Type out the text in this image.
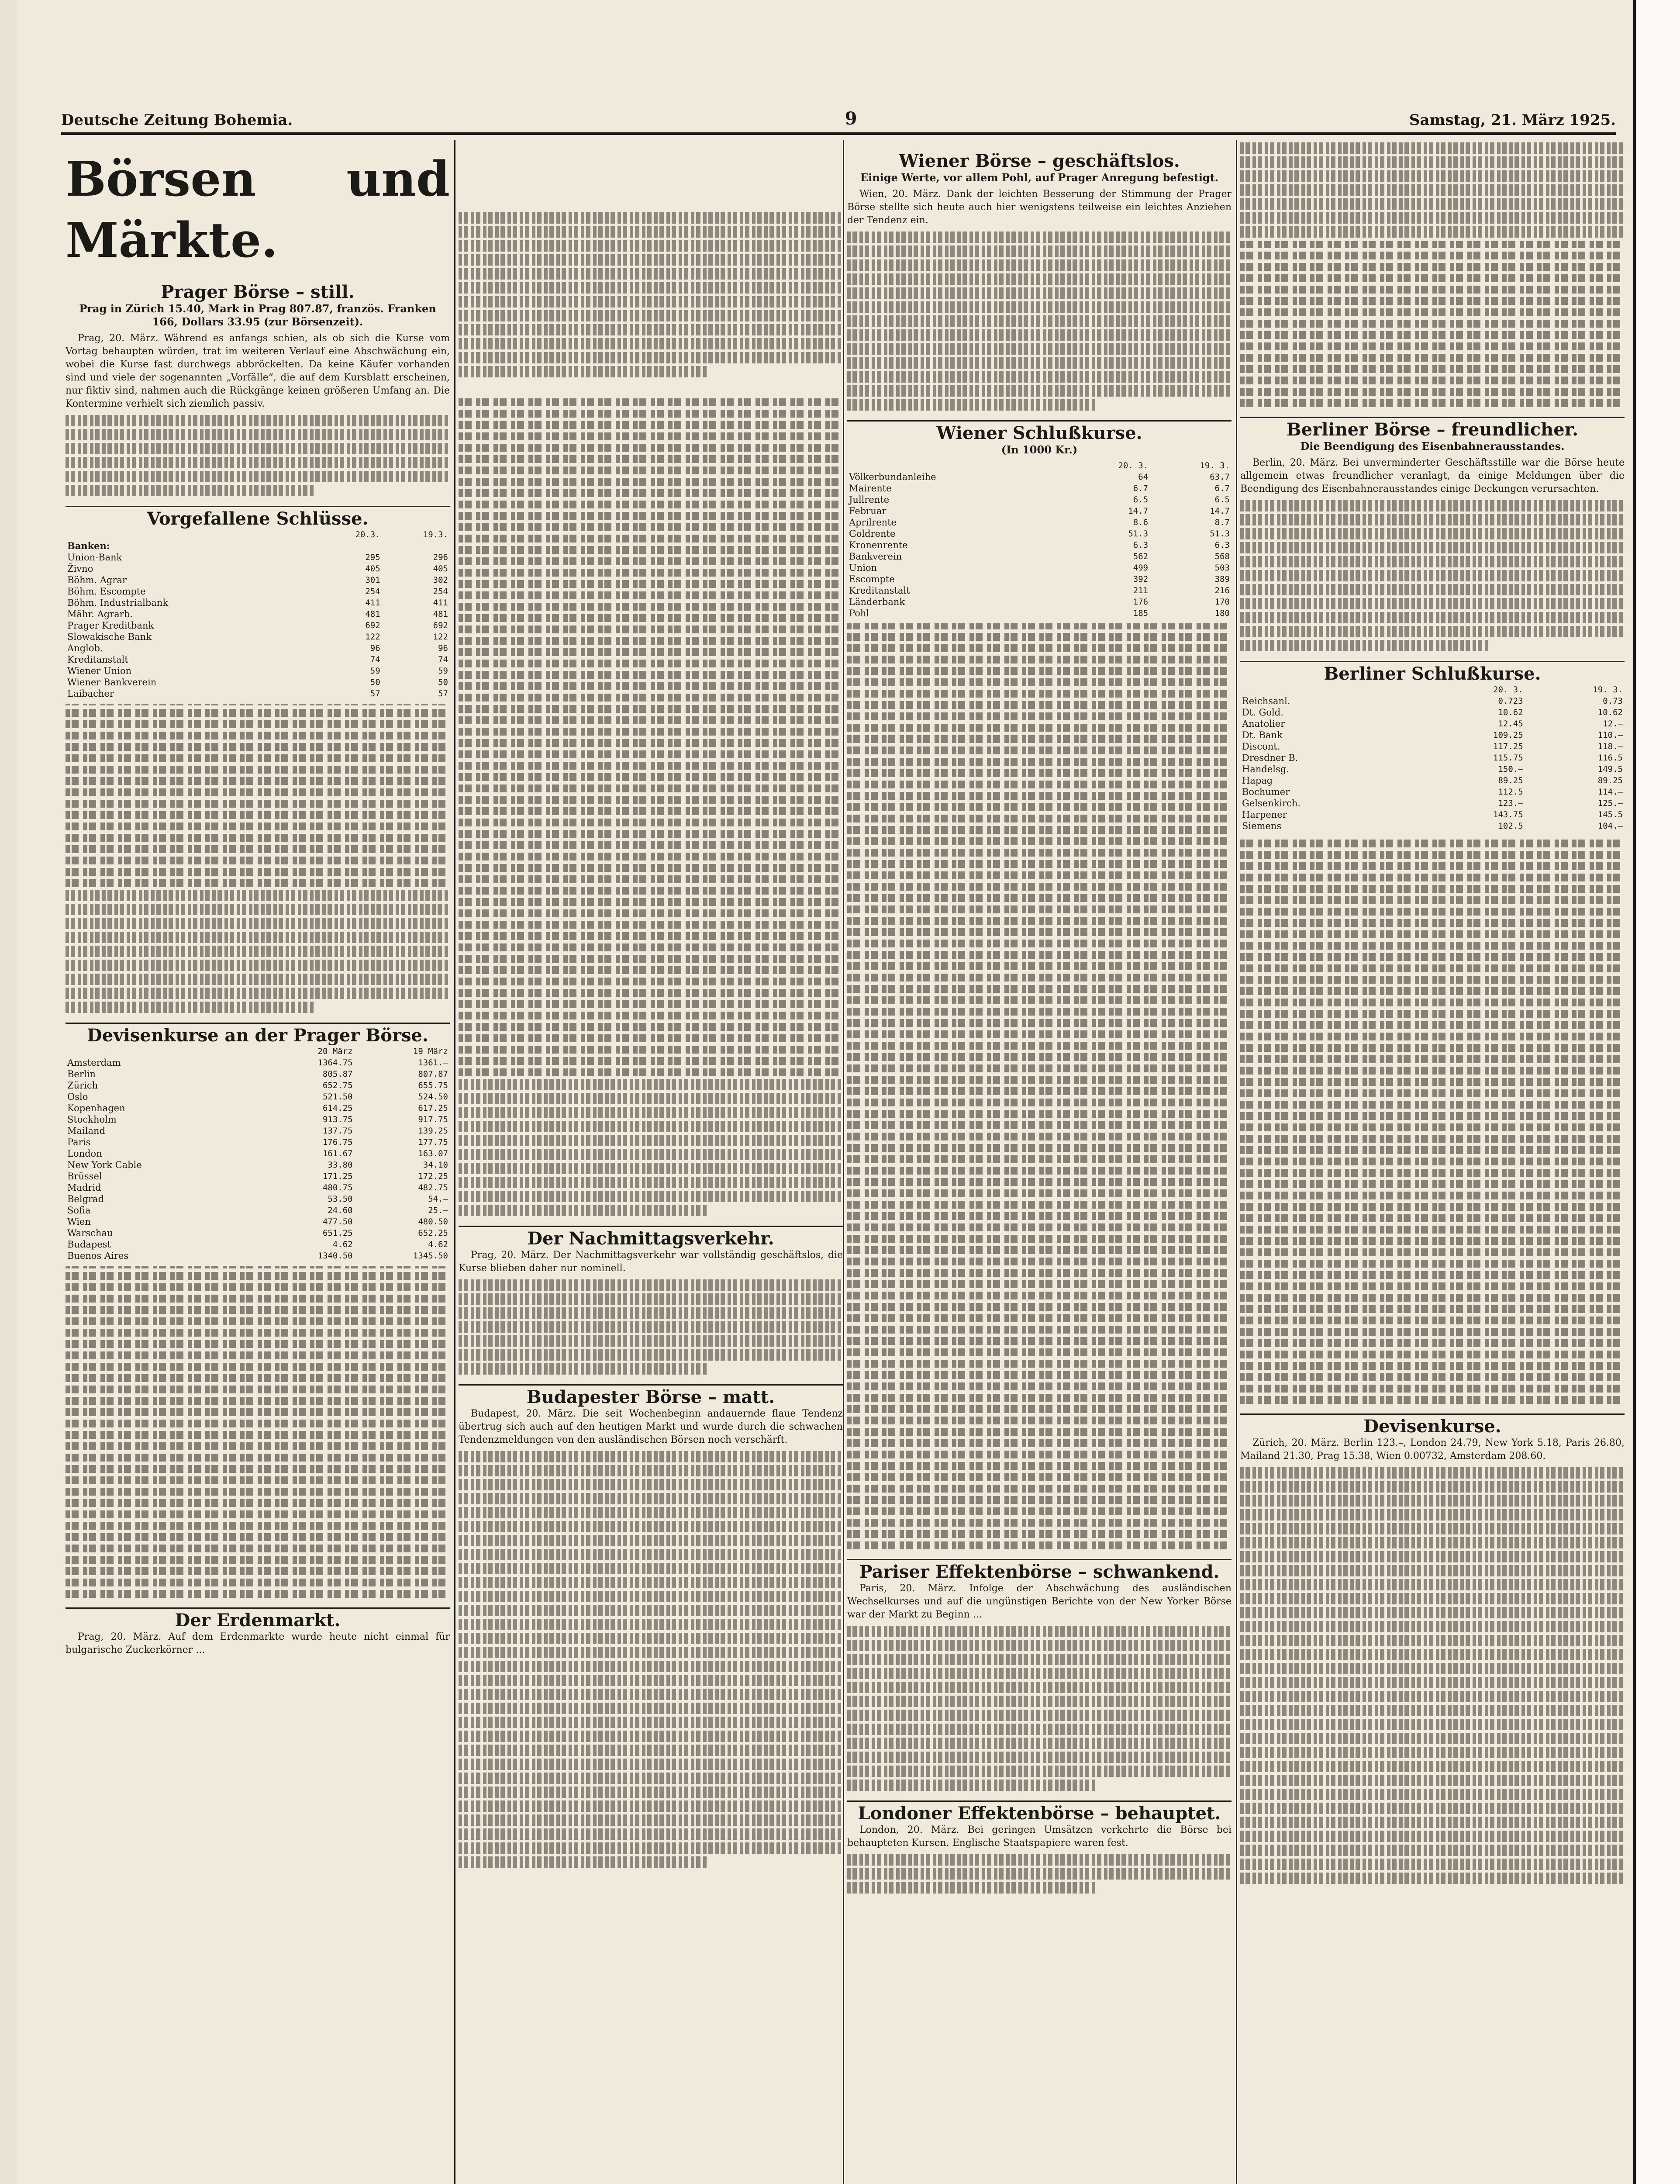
Deutsche Zeitung Bohemia.	9	Samstag, 21. März 1925.
Börsen und Märkte.
Prager Börse – still.
Prag in Zürich 15.40, Mark in Prag 807.87, französ. Franken 166, Dollars 33.95 (zur Börsenzeit).

Prag, 20. März. Während es anfangs schien, als ob sich die Kurse vom Vortag behaupten würden, trat im weiteren Verlauf eine Abschwächung ein, wobei die Kurse fast durchwegs abbröckelten. Da keine Käufer vorhanden sind und viele der sogenannten „Vorfälle“, die auf dem Kursblatt erscheinen, nur fiktiv sind, nahmen auch die Rückgänge keinen größeren Umfang an. Die Kontermine verhielt sich ziemlich passiv.

Vorgefallene Schlüsse.
	20.3.	19.3.
Banken:		
Union-Bank	295	296
Živno	405	405
Böhm. Agrar	301	302
Böhm. Escompte	254	254
Böhm. Industrialbank	411	411
Mähr. Agrarb.	481	481
Prager Kreditbank	692	692
Slowakische Bank	122	122
Anglob.	96	96
Kreditanstalt	74	74
Wiener Union	59	59
Wiener Bankverein	50	50
Laibacher	57	57
Devisenkurse an der Prager Börse.
	20 März	19 März
Amsterdam	1364.75	1361.–
Berlin	805.87	807.87
Zürich	652.75	655.75
Oslo	521.50	524.50
Kopenhagen	614.25	617.25
Stockholm	913.75	917.75
Mailand	137.75	139.25
Paris	176.75	177.75
London	161.67	163.07
New York Cable	33.80	34.10
Brüssel	171.25	172.25
Madrid	480.75	482.75
Belgrad	53.50	54.–
Sofia	24.60	25.–
Wien	477.50	480.50
Warschau	651.25	652.25
Budapest	4.62	4.62
Buenos Aires	1340.50	1345.50
Der Erdenmarkt.

Prag, 20. März. Auf dem Erdenmarkte wurde heute nicht einmal für bulgarische Zuckerkörner ...

Der Nachmittagsverkehr.

Prag, 20. März. Der Nachmittagsverkehr war vollständig geschäftslos, die Kurse blieben daher nur nominell.

Budapester Börse – matt.

Budapest, 20. März. Die seit Wochenbeginn andauernde flaue Tendenz übertrug sich auch auf den heutigen Markt und wurde durch die schwachen Tendenzmeldungen von den ausländischen Börsen noch verschärft.

Wiener Börse – geschäftslos.
Einige Werte, vor allem Pohl, auf Prager Anregung befestigt.

Wien, 20. März. Dank der leichten Besserung der Stimmung der Prager Börse stellte sich heute auch hier wenigstens teilweise ein leichtes Anziehen der Tendenz ein.

Wiener Schlußkurse.
(In 1000 Kr.)
	20. 3.	19. 3.
Völkerbundanleihe	64	63.7
Mairente	6.7	6.7
Jullrente	6.5	6.5
Februar	14.7	14.7
Aprilrente	8.6	8.7
Goldrente	51.3	51.3
Kronenrente	6.3	6.3
Bankverein	562	568
Union	499	503
Escompte	392	389
Kreditanstalt	211	216
Länderbank	176	170
Pohl	185	180
Pariser Effektenbörse – schwankend.

Paris, 20. März. Infolge der Abschwächung des ausländischen Wechselkurses und auf die ungünstigen Berichte von der New Yorker Börse war der Markt zu Beginn ...

Londoner Effektenbörse – behauptet.

London, 20. März. Bei geringen Umsätzen verkehrte die Börse bei behaupteten Kursen. Englische Staatspapiere waren fest.

Berliner Börse – freundlicher.
Die Beendigung des Eisenbahnerausstandes.

Berlin, 20. März. Bei unverminderter Geschäftsstille war die Börse heute allgemein etwas freundlicher veranlagt, da einige Meldungen über die Beendigung des Eisenbahnerausstandes einige Deckungen verursachten.

Berliner Schlußkurse.
	20. 3.	19. 3.
Reichsanl.	0.723	0.73
Dt. Gold.	10.62	10.62
Anatolier	12.45	12.–
Dt. Bank	109.25	110.–
Discont.	117.25	118.–
Dresdner B.	115.75	116.5
Handelsg.	150.–	149.5
Hapag	89.25	89.25
Bochumer	112.5	114.–
Gelsenkirch.	123.–	125.–
Harpener	143.75	145.5
Siemens	102.5	104.–
Devisenkurse.

Zürich, 20. März. Berlin 123.–, London 24.79, New York 5.18, Paris 26.80, Mailand 21.30, Prag 15.38, Wien 0.00732, Amsterdam 208.60.
